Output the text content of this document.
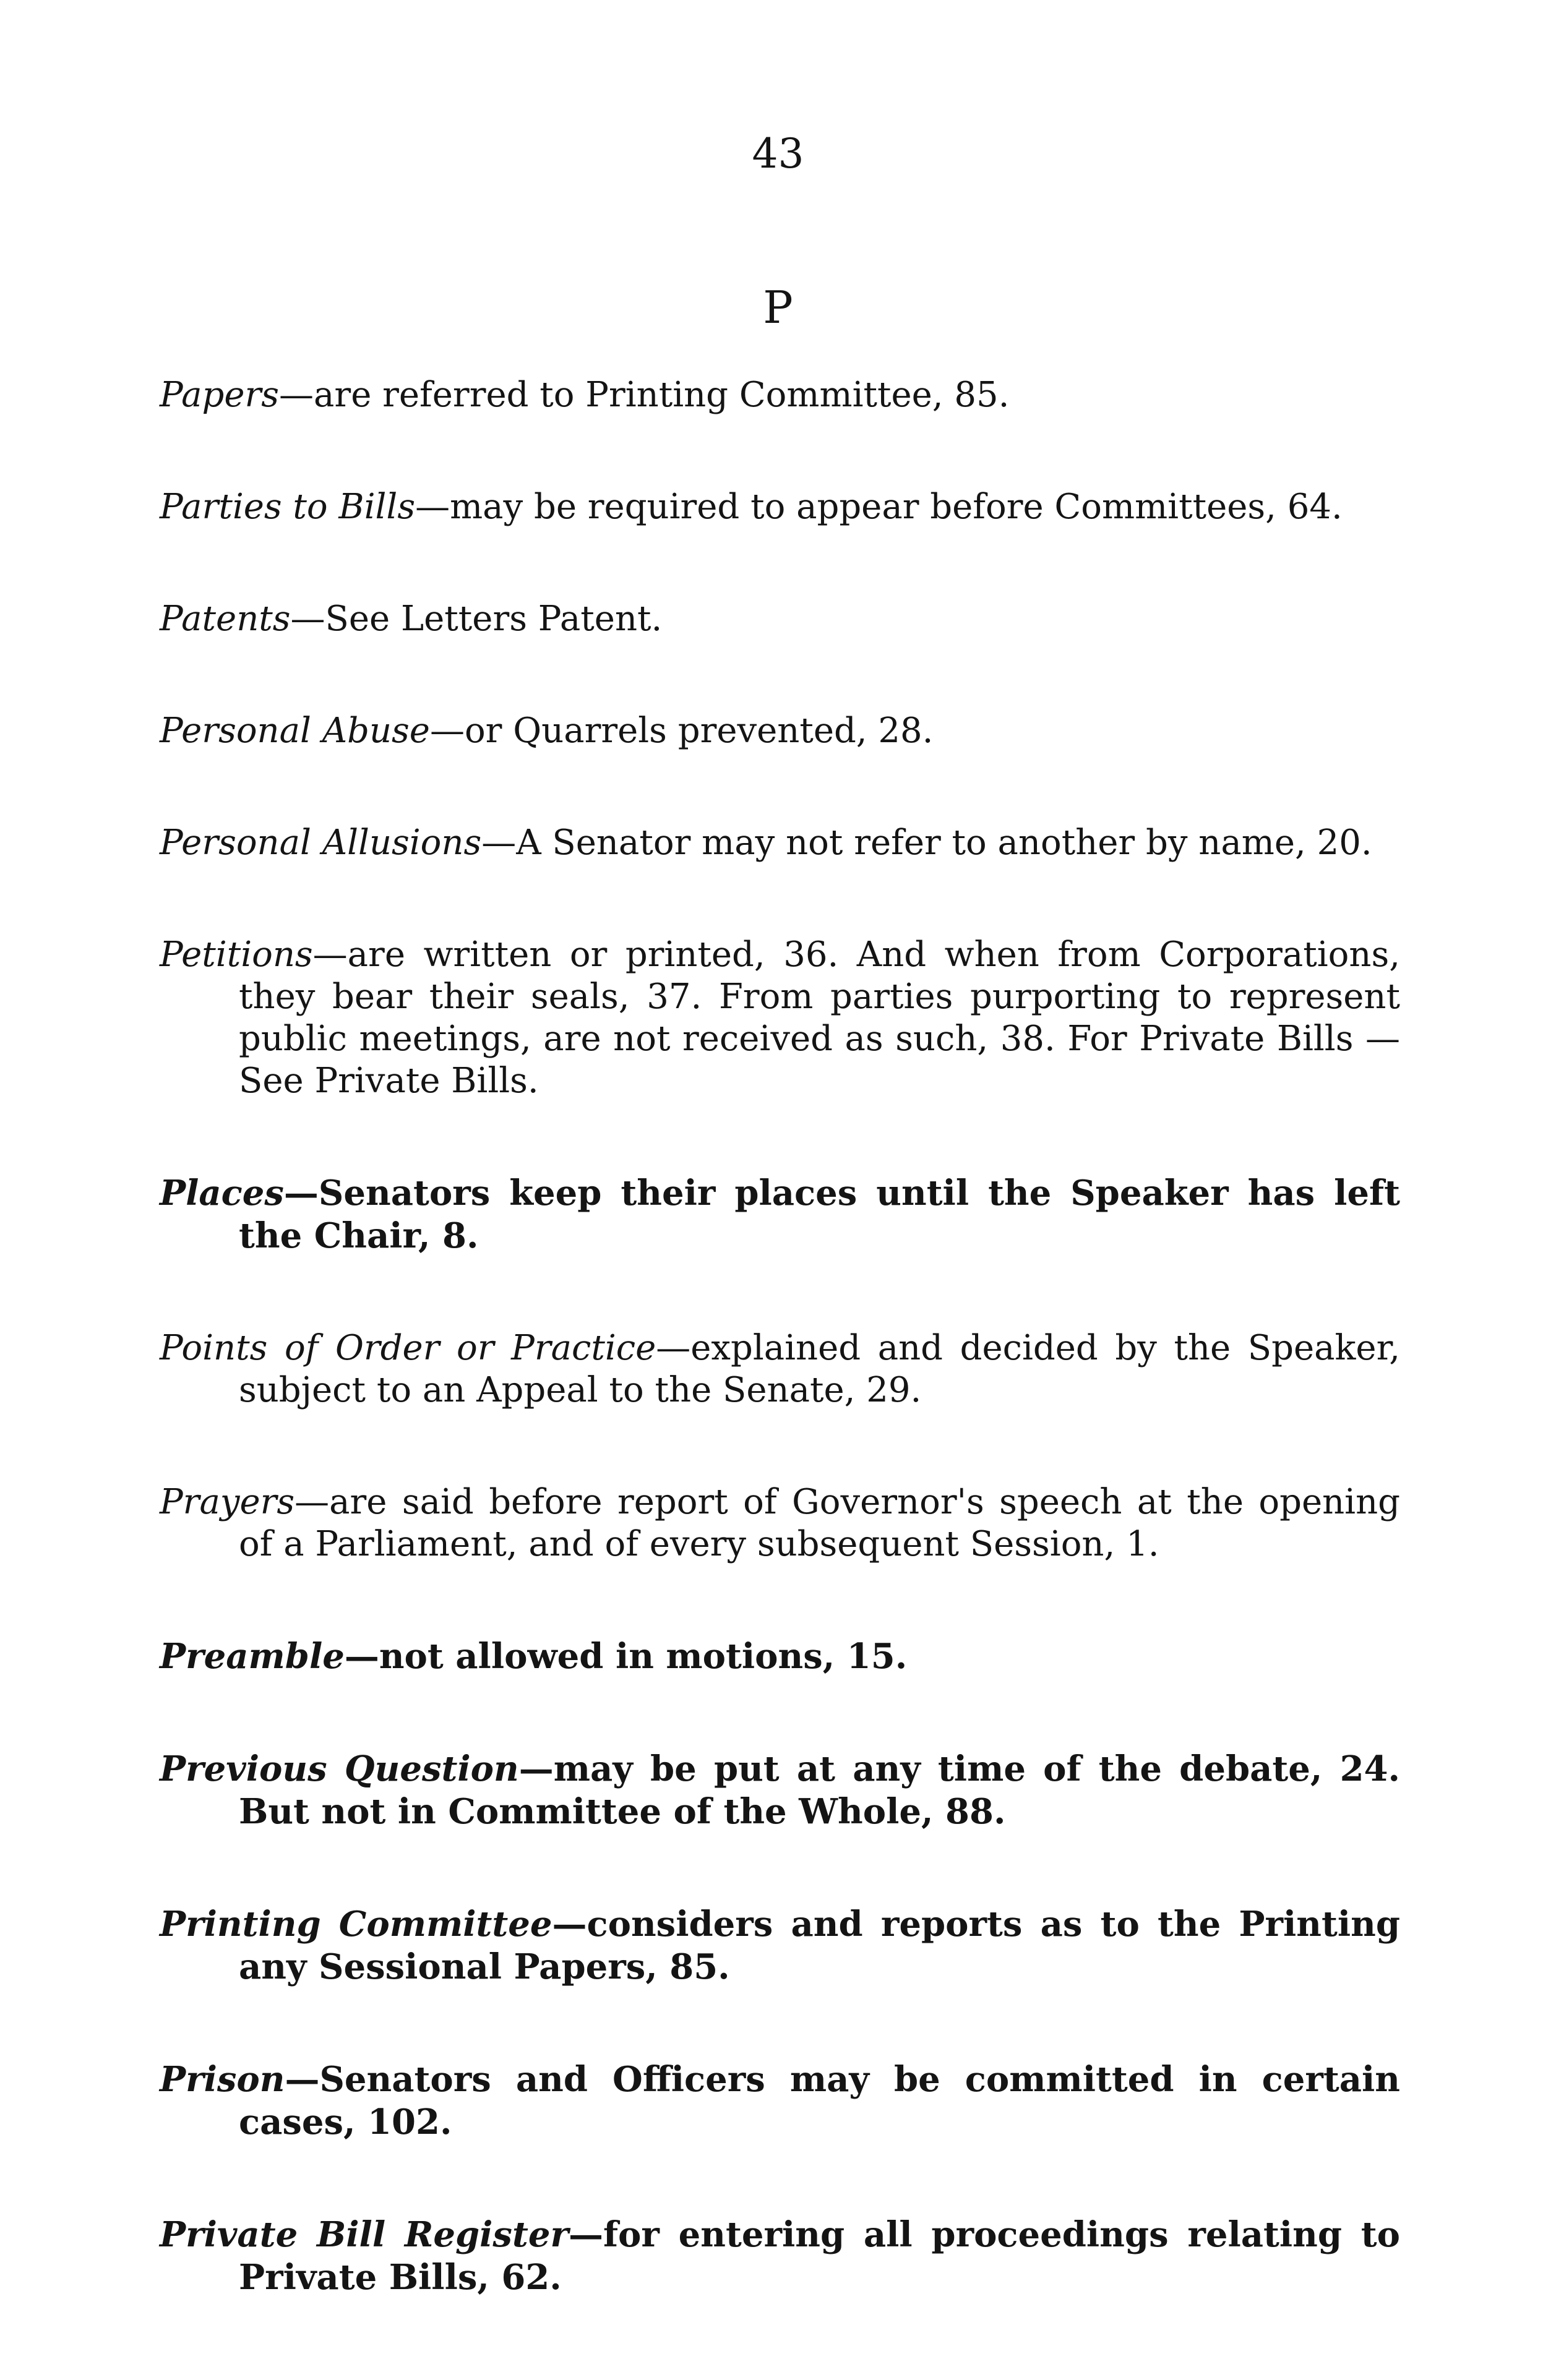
43
P
Papers—are referred to Printing Committee, 85.
Parties to Bills—may be required to appear before Committees, 64.
Patents—See Letters Patent.
Personal Abuse—or Quarrels prevented, 28.
Personal Allusions—A Senator may not refer to another by name, 20.
Petitions—are written or printed, 36. And when from Corporations, they bear their seals, 37. From parties purporting to represent public meetings, are not received as such, 38. For Private Bills —See Private Bills.
Places—Senators keep their places until the Speaker has left the Chair, 8.
Points of Order or Practice—explained and decided by the Speaker, subject to an Appeal to the Senate, 29.
Prayers—are said before report of Governor's speech at the opening of a Parliament, and of every subsequent Session, 1.
Preamble—not allowed in motions, 15.
Previous Question—may be put at any time of the debate, 24. But not in Committee of the Whole, 88.
Printing Committee—considers and reports as to the Printing any Sessional Papers, 85.
Prison—Senators and Officers may be committed in certain cases, 102.
Private Bill Register—for entering all proceedings relating to Private Bills, 62.
